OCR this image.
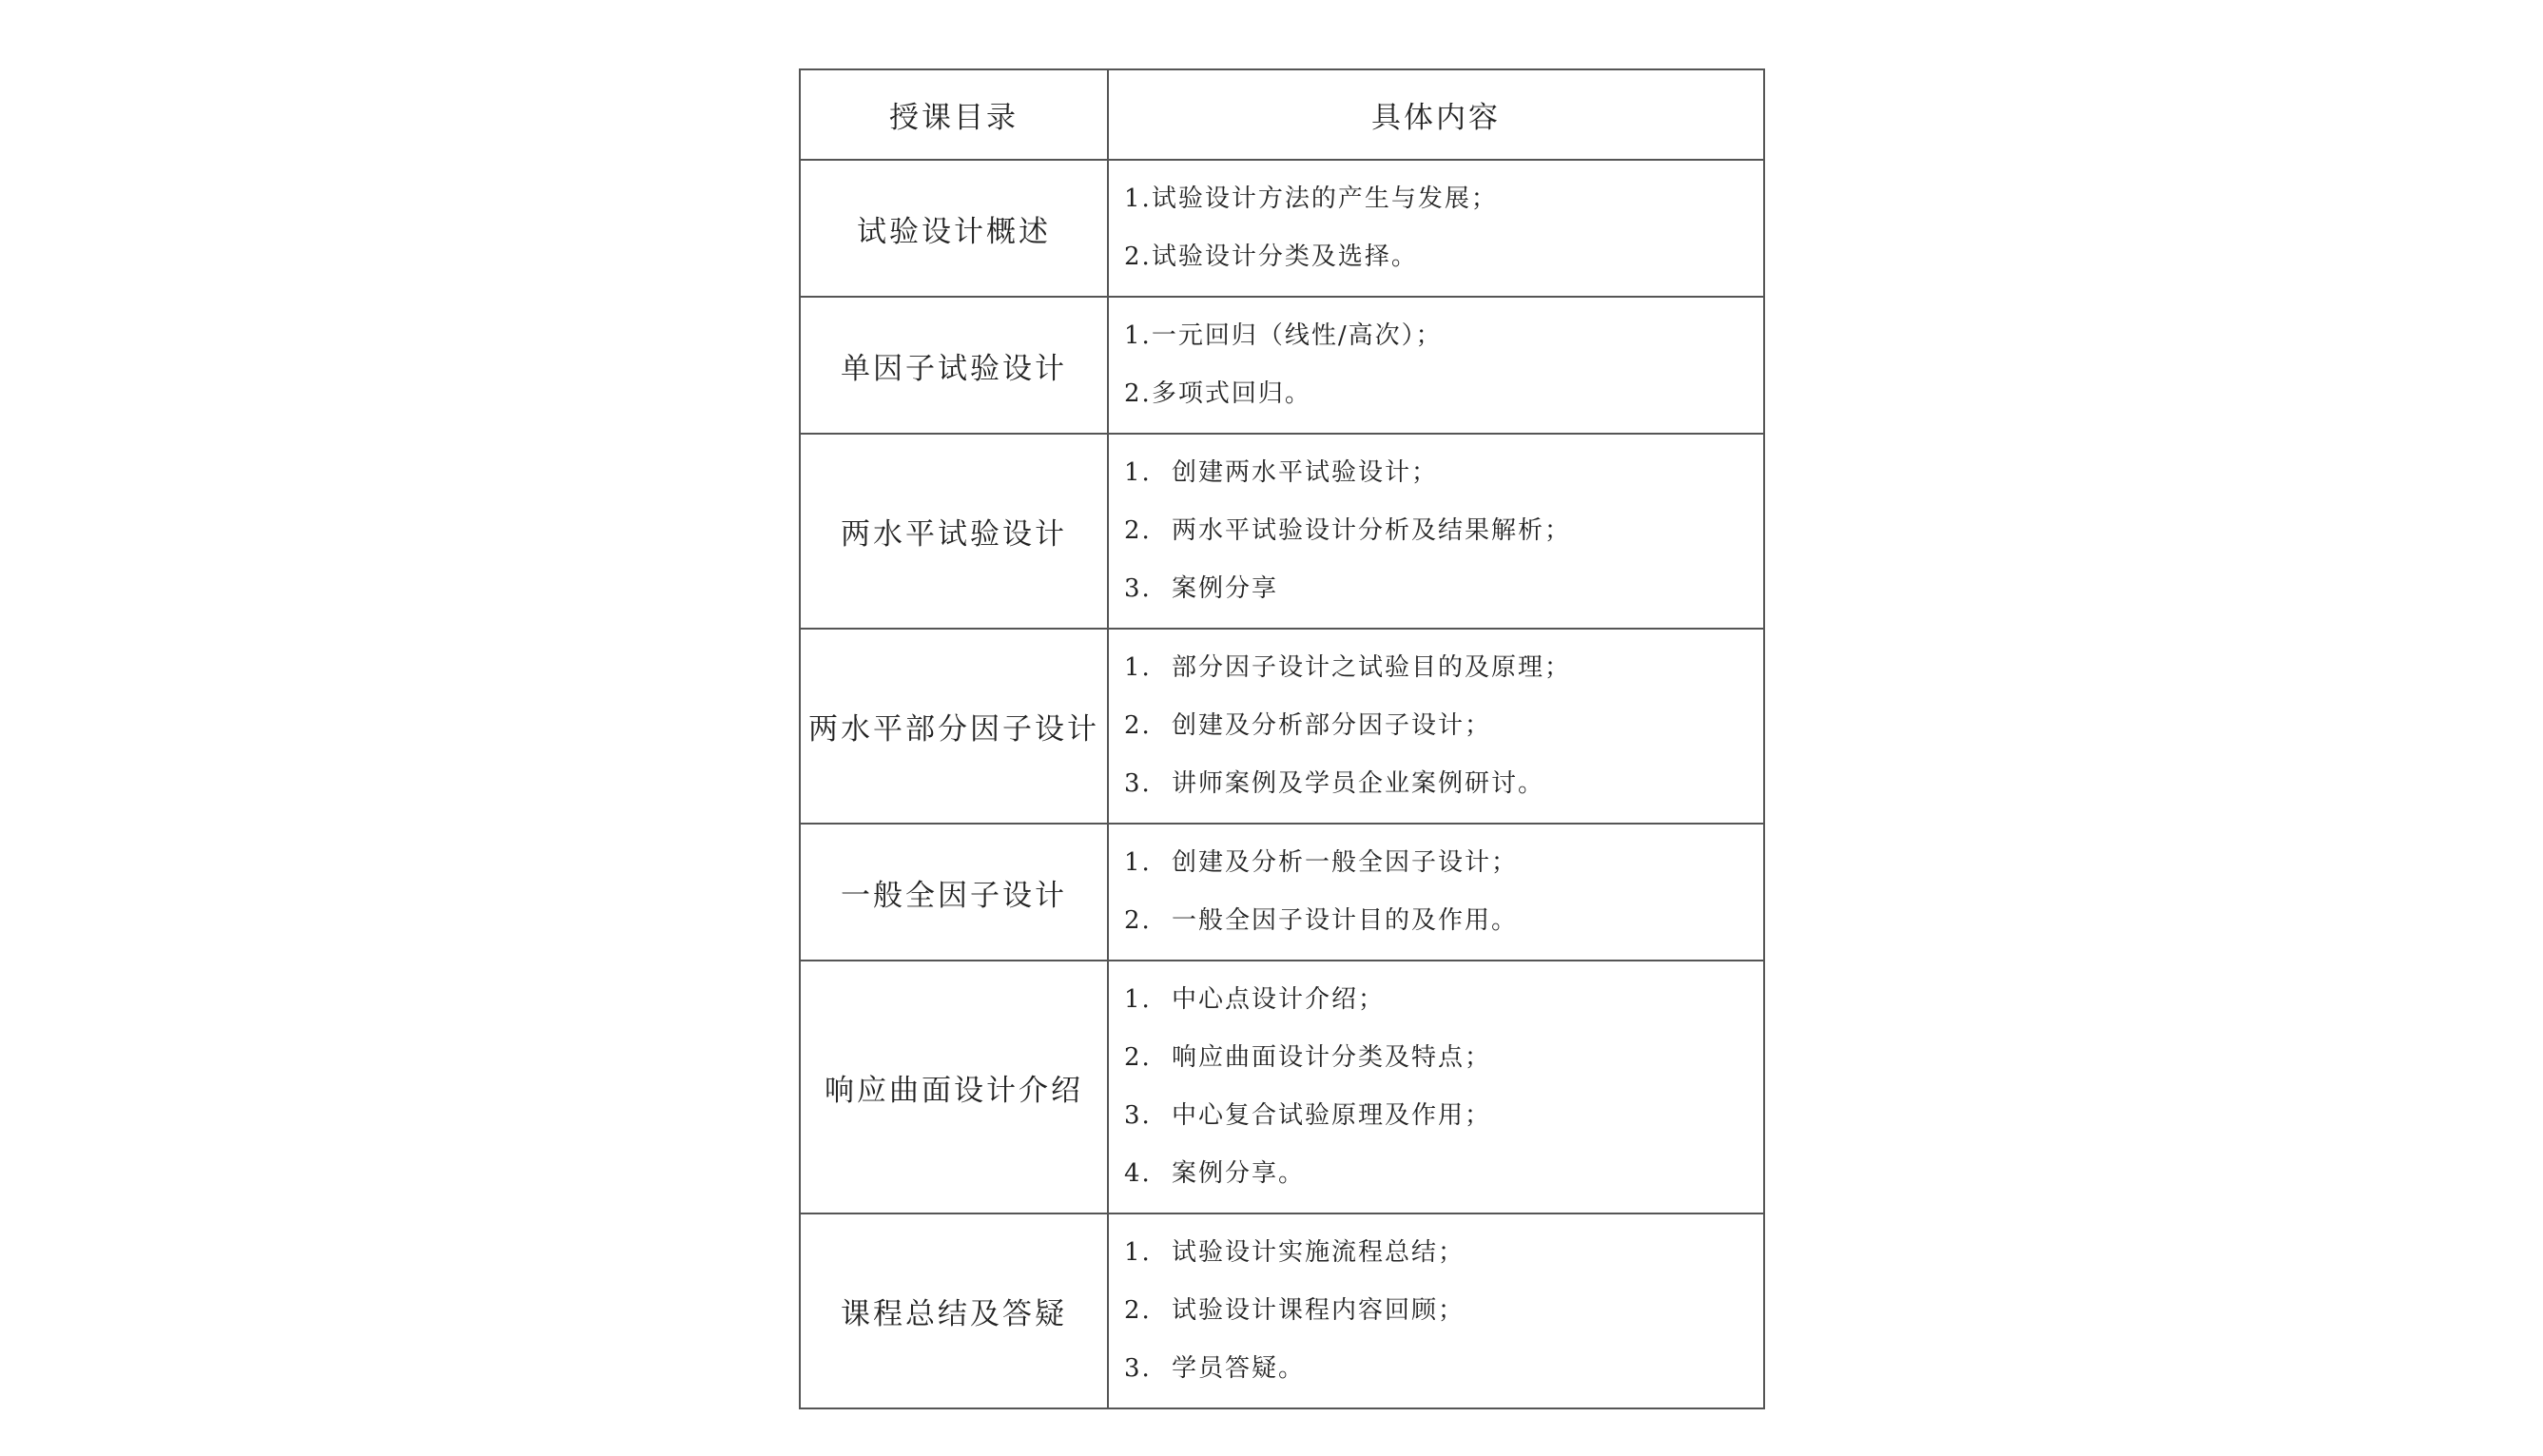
授课目录	具体内容
试验设计概述	1.试验设计方法的产生与发展；
2.试验设计分类及选择。

单因子试验设计	1.一元回归（线性/高次）；
2.多项式回归。

两水平试验设计	1. 创建两水平试验设计；
2. 两水平试验设计分析及结果解析；
3. 案例分享

两水平部分因子设计	1. 部分因子设计之试验目的及原理；
2. 创建及分析部分因子设计；
3. 讲师案例及学员企业案例研讨。

一般全因子设计	1. 创建及分析一般全因子设计；
2. 一般全因子设计目的及作用。

响应曲面设计介绍	1. 中心点设计介绍；
2. 响应曲面设计分类及特点；
3. 中心复合试验原理及作用；
4. 案例分享。

课程总结及答疑	1. 试验设计实施流程总结；
2. 试验设计课程内容回顾；
3. 学员答疑。
